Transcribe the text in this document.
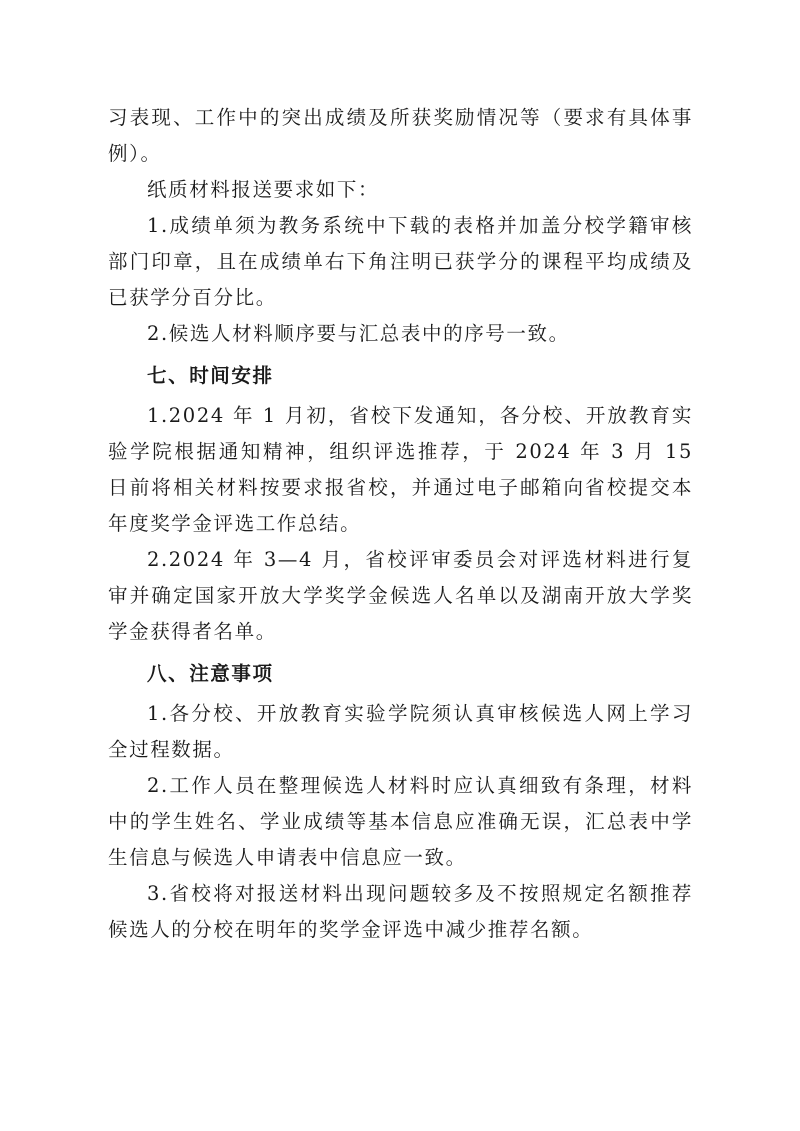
习表现、工作中的突出成绩及所获奖励情况等（要求有具体事例）。

纸质材料报送要求如下：

1.成绩单须为教务系统中下载的表格并加盖分校学籍审核部门印章，且在成绩单右下角注明已获学分的课程平均成绩及已获学分百分比。

2.候选人材料顺序要与汇总表中的序号一致。

七、时间安排

1.2024 年 1 月初，省校下发通知，各分校、开放教育实验学院根据通知精神，组织评选推荐，于 2024 年 3 月 15 日前将相关材料按要求报省校，并通过电子邮箱向省校提交本年度奖学金评选工作总结。

2.2024 年 3—4 月，省校评审委员会对评选材料进行复审并确定国家开放大学奖学金候选人名单以及湖南开放大学奖学金获得者名单。

八、注意事项

1.各分校、开放教育实验学院须认真审核候选人网上学习全过程数据。

2.工作人员在整理候选人材料时应认真细致有条理，材料中的学生姓名、学业成绩等基本信息应准确无误，汇总表中学生信息与候选人申请表中信息应一致。

3.省校将对报送材料出现问题较多及不按照规定名额推荐候选人的分校在明年的奖学金评选中减少推荐名额。
